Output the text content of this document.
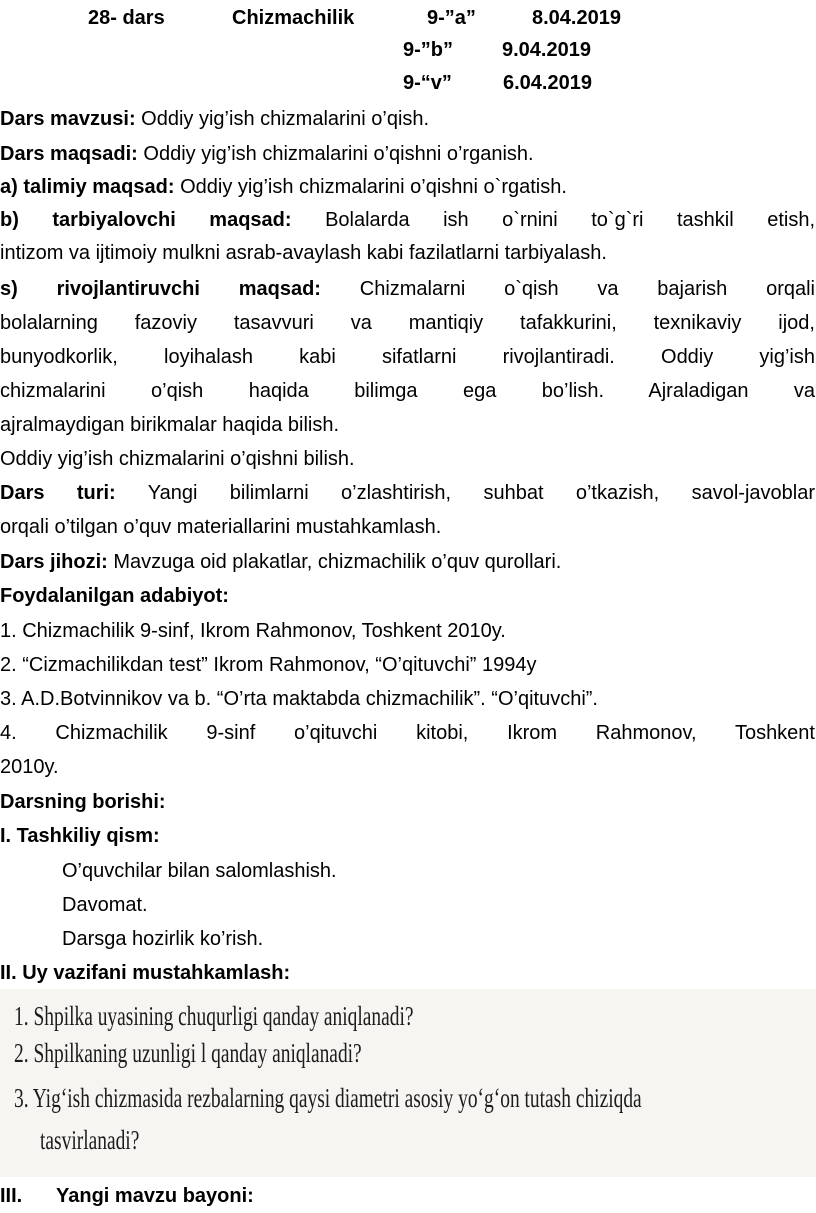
28- dars	Chizmachilik	9-”a”	8.04.2019
9-”b” 9.04.2019
9-“v”	6.04.2019
Dars mavzusi: Oddiy yig’ish chizmalarini o’qish.
Dars maqsadi: Oddiy yig’ish chizmalarini o’qishni o’rganish.
a) talimiy maqsad: Oddiy yig’ish chizmalarini o’qishni o`rgatish.
b) tarbiyalovchi maqsad: Bolalarda ish o`rnini to`g`ri tashkil etish,
intizom va ijtimoiy mulkni asrab-avaylash kabi fazilatlarni tarbiyalash.
s) rivojlantiruvchi maqsad: Chizmalarni o`qish va bajarish orqali
bolalarning fazoviy tasavvuri va mantiqiy tafakkurini, texnikaviy ijod,
bunyodkorlik, loyihalash kabi sifatlarni rivojlantiradi. Oddiy yig’ish
chizmalarini o’qish haqida bilimga ega bo’lish. Ajraladigan va
ajralmaydigan birikmalar haqida bilish.
Oddiy yig’ish chizmalarini o’qishni bilish.
Dars turi: Yangi bilimlarni o’zlashtirish, suhbat o’tkazish, savol-javoblar
orqali o’tilgan o’quv materiallarini mustahkamlash.
Dars jihozi: Mavzuga oid plakatlar, chizmachilik o’quv qurollari.
Foydalanilgan adabiyot:
1. Chizmachilik 9-sinf, Ikrom Rahmonov, Toshkent 2010y.
2. “Cizmachilikdan test” Ikrom Rahmonov, “O’qituvchi” 1994y
3. A.D.Botvinnikov va b. “O’rta maktabda chizmachilik”. “O’qituvchi”.
4. Chizmachilik 9-sinf o’qituvchi kitobi, Ikrom Rahmonov, Toshkent
2010y.
Darsning borishi:
I. Tashkiliy qism:
O’quvchilar bilan salomlashish.
Davomat.
Darsga hozirlik ko’rish.
II. Uy vazifani mustahkamlash:
1. Shpilka uyasining chuqurligi qanday aniqlanadi?
2. Shpilkaning uzunligi l qanday aniqlanadi?
3. Yig‘ish chizmasida rezbalarning qaysi diametri asosiy yo‘g‘on tutash chiziqda
tasvirlanadi?
III. Yangi mavzu bayoni:
